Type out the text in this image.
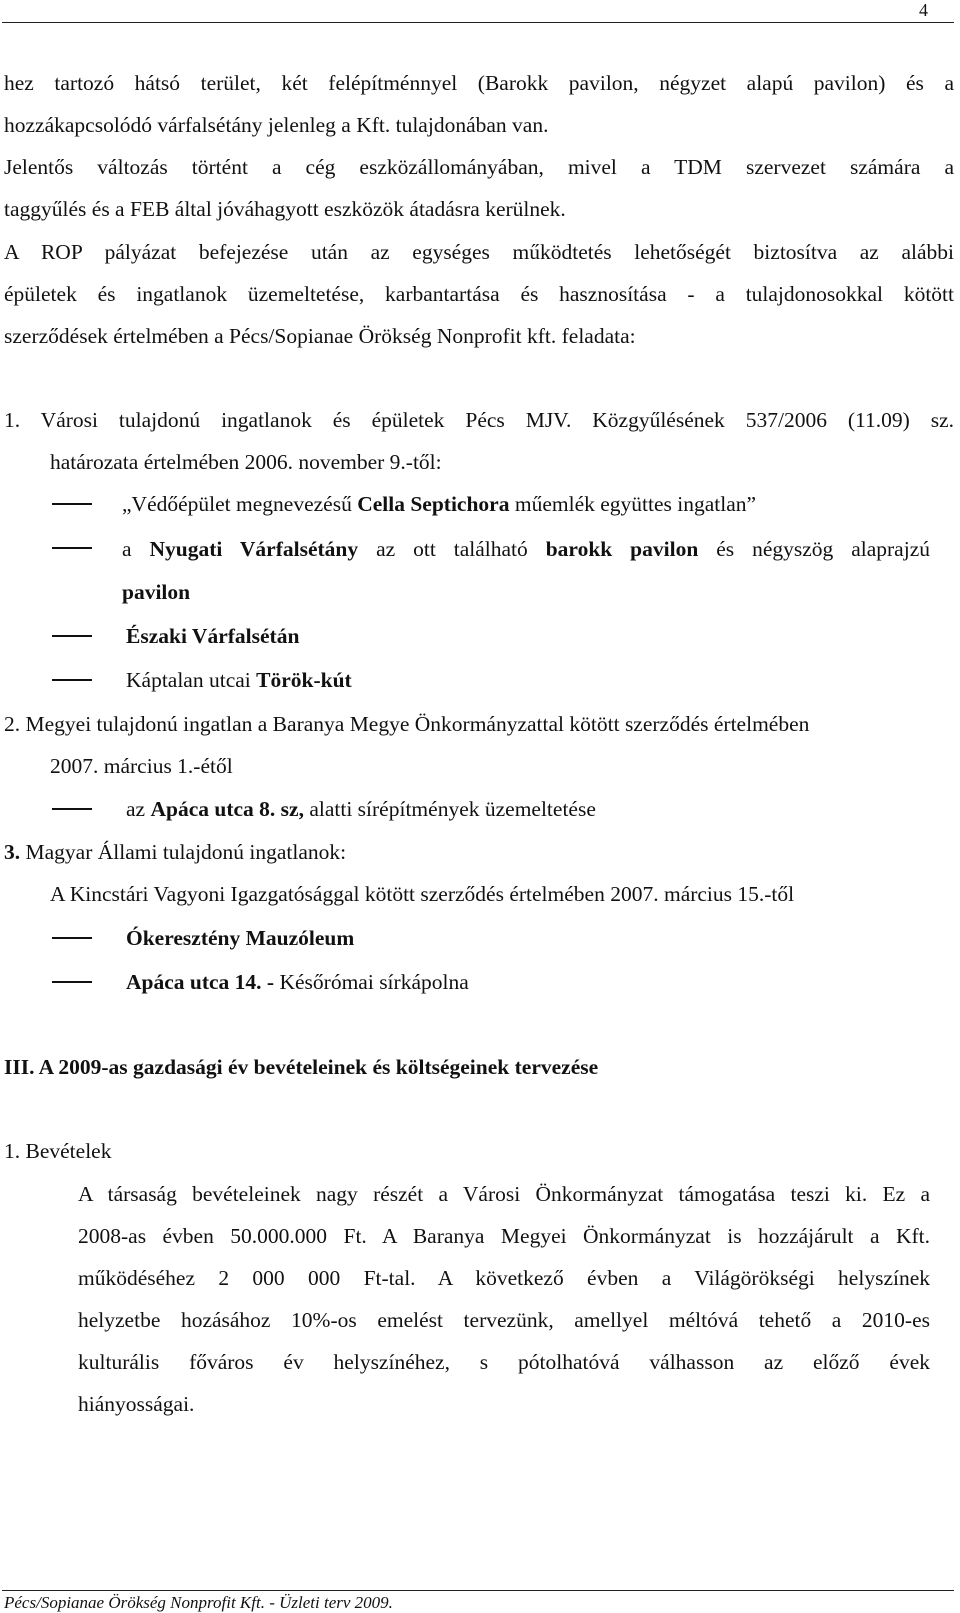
4
hez tartozó hátsó terület, két felépítménnyel (Barokk pavilon, négyzet alapú pavilon) és a
hozzákapcsolódó várfalsétány jelenleg a Kft. tulajdonában van.
Jelentős változás történt a cég eszközállományában, mivel a TDM szervezet számára a
taggyűlés és a FEB által jóváhagyott eszközök átadásra kerülnek.
A ROP pályázat befejezése után az egységes működtetés lehetőségét biztosítva az alábbi
épületek és ingatlanok üzemeltetése, karbantartása és hasznosítása - a tulajdonosokkal kötött
szerződések értelmében a Pécs/Sopianae Örökség Nonprofit kft. feladata:
1. Városi tulajdonú ingatlanok és épületek Pécs MJV. Közgyűlésének 537/2006 (11.09) sz.
határozata értelmében 2006. november 9.-től:
„Védőépület megnevezésű Cella Septichora műemlék együttes ingatlan”
a Nyugati Várfalsétány az ott található barokk pavilon és négyszög alaprajzú
pavilon
Északi Várfalsétán
Káptalan utcai Török-kút
2. Megyei tulajdonú ingatlan a Baranya Megye Önkormányzattal kötött szerződés értelmében
2007. március 1.-étől
az Apáca utca 8. sz, alatti sírépítmények üzemeltetése
3. Magyar Állami tulajdonú ingatlanok:
A Kincstári Vagyoni Igazgatósággal kötött szerződés értelmében 2007. március 15.-től
Ókeresztény Mauzóleum
Apáca utca 14. - Későrómai sírkápolna
III. A 2009-as gazdasági év bevételeinek és költségeinek tervezése
1. Bevételek
A társaság bevételeinek nagy részét a Városi Önkormányzat támogatása teszi ki. Ez a
2008-as évben 50.000.000 Ft. A Baranya Megyei Önkormányzat is hozzájárult a Kft.
működéséhez 2 000 000 Ft-tal. A következő évben a Világörökségi helyszínek
helyzetbe hozásához 10%-os emelést tervezünk, amellyel méltóvá tehető a 2010-es
kulturális főváros év helyszínéhez, s pótolhatóvá válhasson az előző évek
hiányosságai.
Pécs/Sopianae Örökség Nonprofit Kft. - Üzleti terv 2009.
